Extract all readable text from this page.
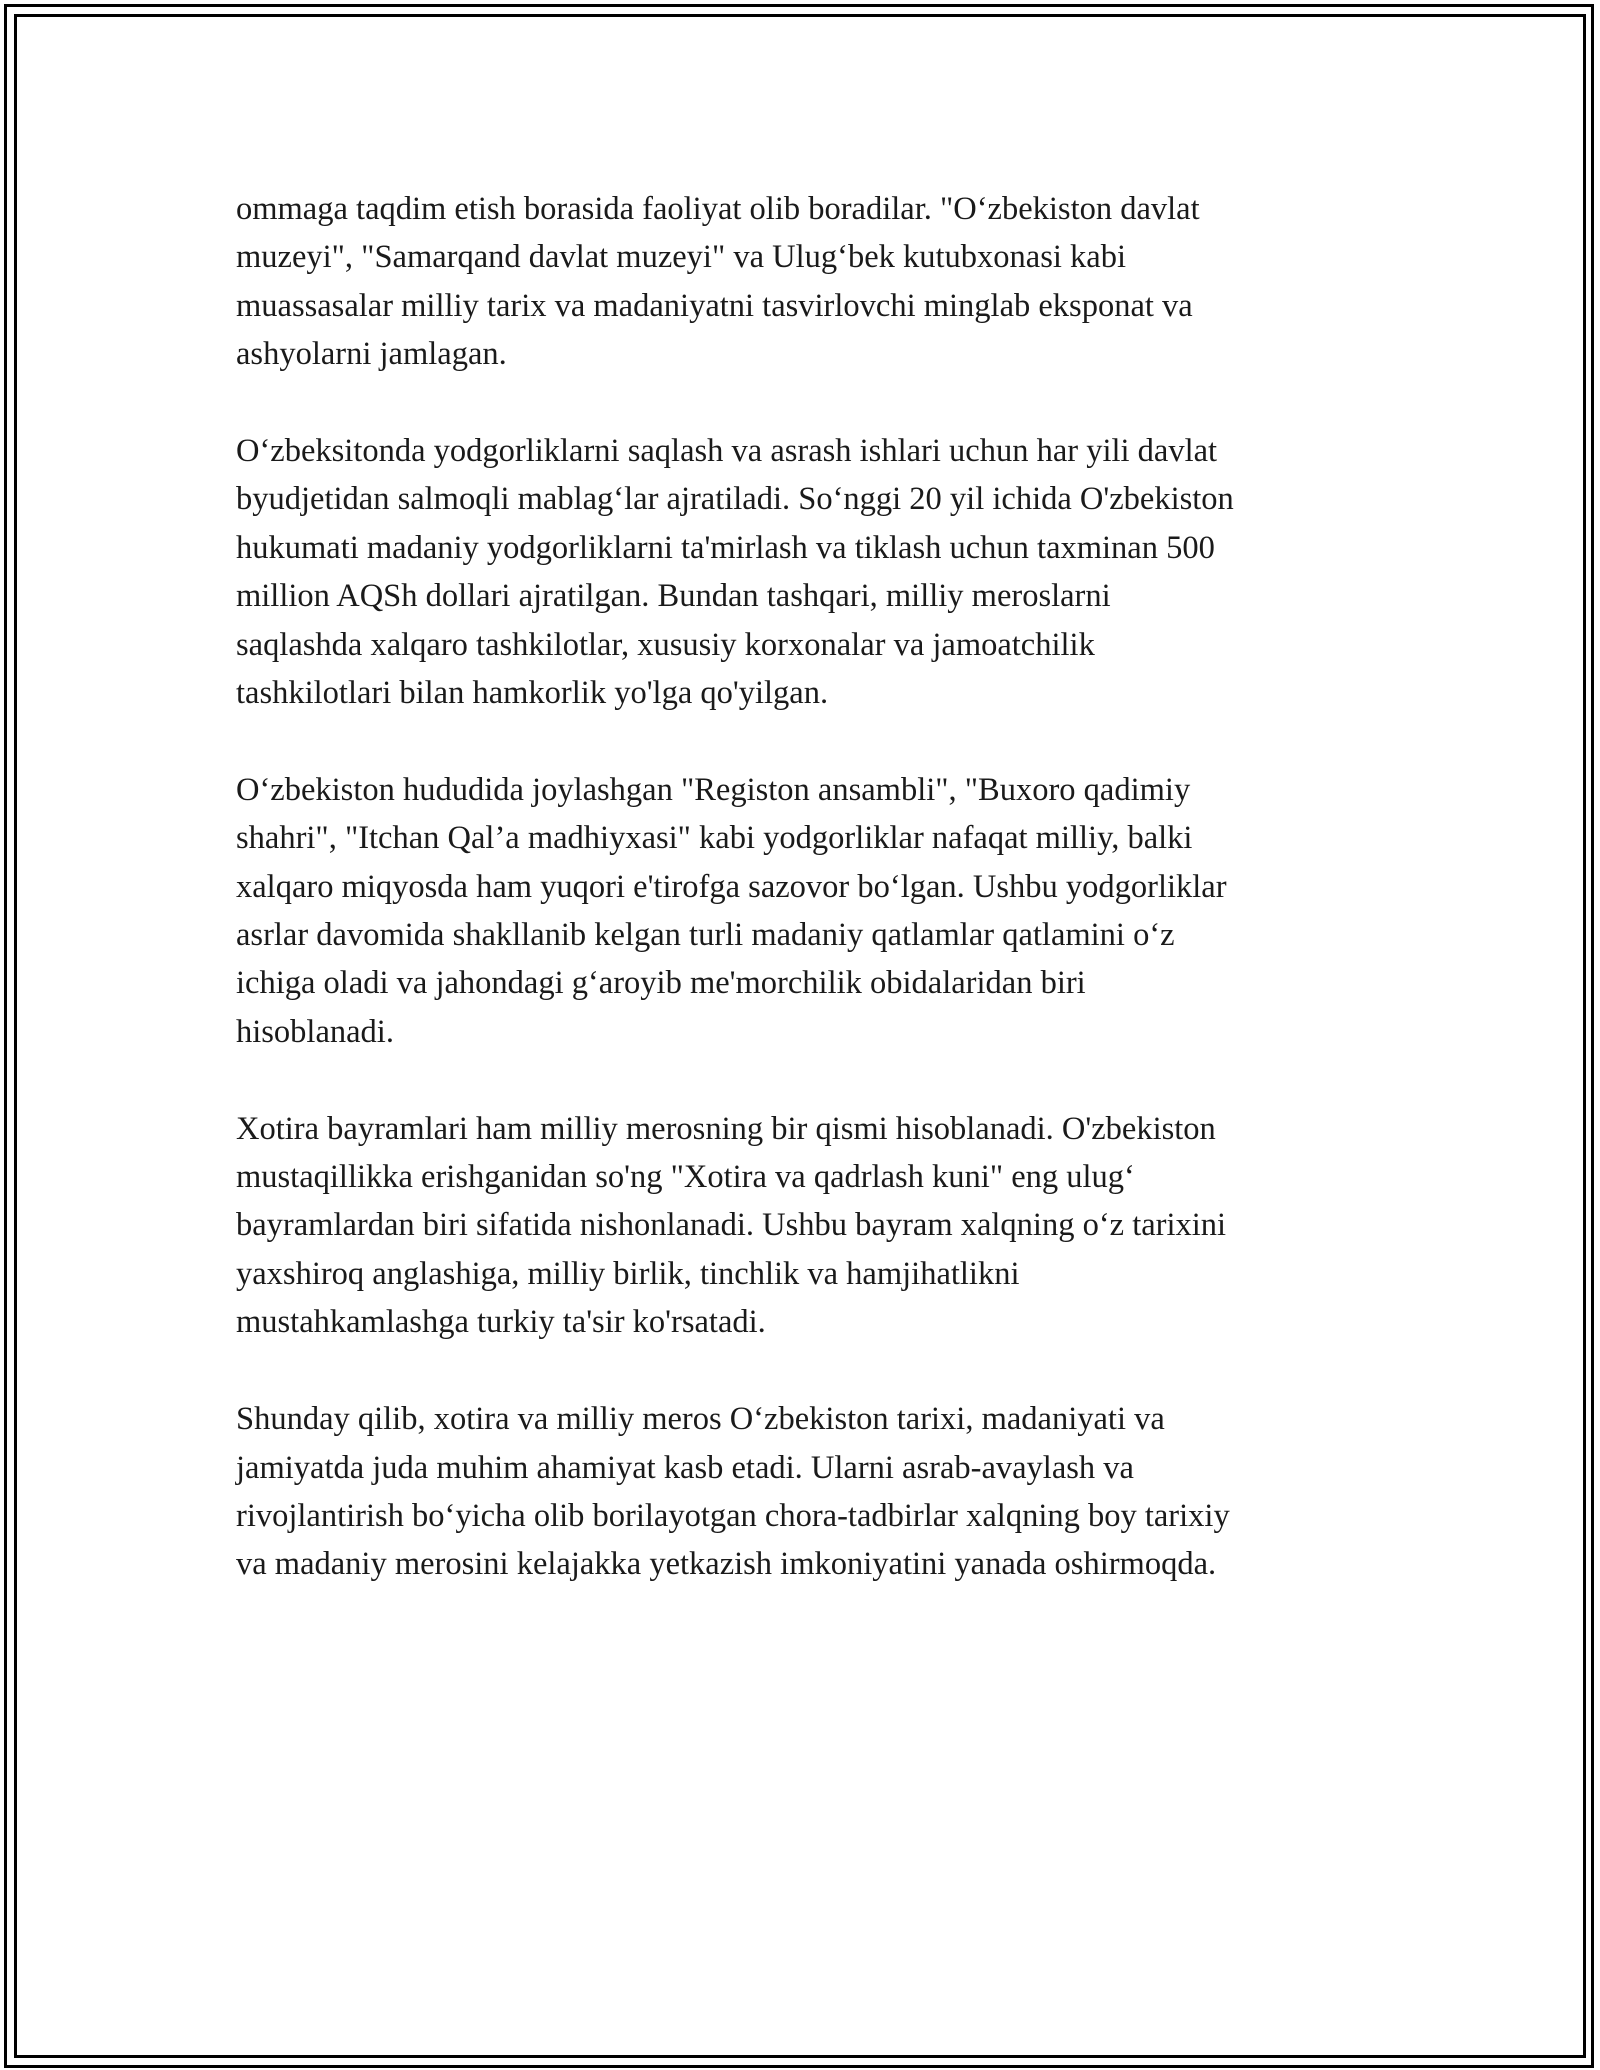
ommaga taqdim etish borasida faoliyat olib boradilar. "O‘zbekiston davlat
muzeyi", "Samarqand davlat muzeyi" va Ulug‘bek kutubxonasi kabi
muassasalar milliy tarix va madaniyatni tasvirlovchi minglab eksponat va
ashyolarni jamlagan.

O‘zbeksitonda yodgorliklarni saqlash va asrash ishlari uchun har yili davlat
byudjetidan salmoqli mablag‘lar ajratiladi. So‘nggi 20 yil ichida O'zbekiston
hukumati madaniy yodgorliklarni ta'mirlash va tiklash uchun taxminan 500
million AQSh dollari ajratilgan. Bundan tashqari, milliy meroslarni
saqlashda xalqaro tashkilotlar, xususiy korxonalar va jamoatchilik
tashkilotlari bilan hamkorlik yo'lga qo'yilgan.

O‘zbekiston hududida joylashgan "Registon ansambli", "Buxoro qadimiy
shahri", "Itchan Qal’a madhiyxasi" kabi yodgorliklar nafaqat milliy, balki
xalqaro miqyosda ham yuqori e'tirofga sazovor bo‘lgan. Ushbu yodgorliklar
asrlar davomida shakllanib kelgan turli madaniy qatlamlar qatlamini o‘z
ichiga oladi va jahondagi g‘aroyib me'morchilik obidalaridan biri
hisoblanadi.

Xotira bayramlari ham milliy merosning bir qismi hisoblanadi. O'zbekiston
mustaqillikka erishganidan so'ng "Xotira va qadrlash kuni" eng ulug‘
bayramlardan biri sifatida nishonlanadi. Ushbu bayram xalqning o‘z tarixini
yaxshiroq anglashiga, milliy birlik, tinchlik va hamjihatlikni
mustahkamlashga turkiy ta'sir ko'rsatadi.

Shunday qilib, xotira va milliy meros O‘zbekiston tarixi, madaniyati va
jamiyatda juda muhim ahamiyat kasb etadi. Ularni asrab-avaylash va
rivojlantirish bo‘yicha olib borilayotgan chora-tadbirlar xalqning boy tarixiy
va madaniy merosini kelajakka yetkazish imkoniyatini yanada oshirmoqda.
